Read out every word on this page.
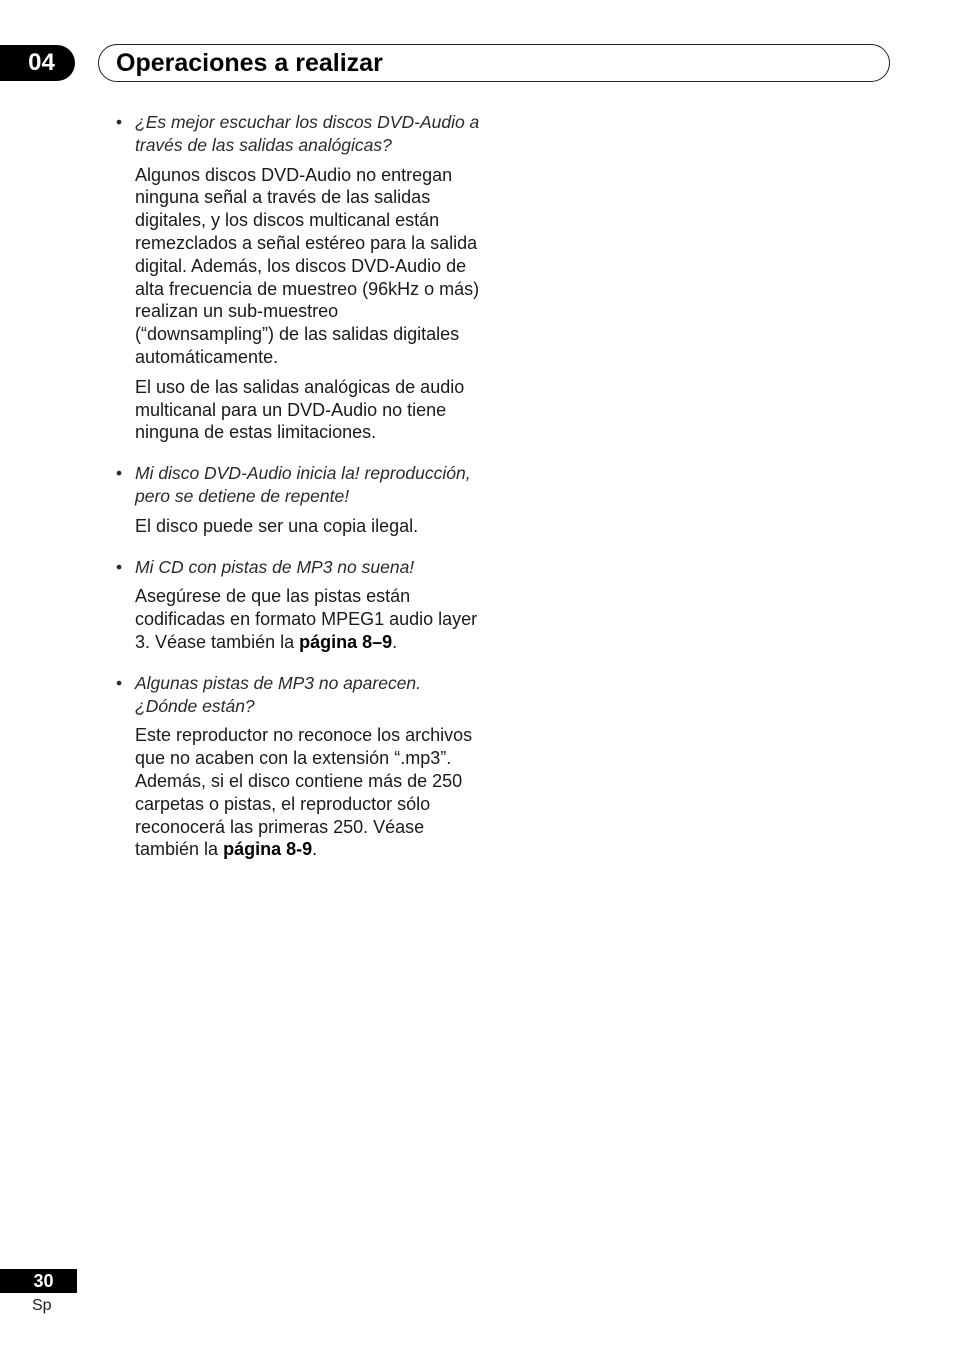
04	Operaciones a realizar

• ¿Es mejor escuchar los discos DVD-Audio a través de las salidas analógicas?

Algunos discos DVD-Audio no entregan ninguna señal a través de las salidas digitales, y los discos multicanal están remezclados a señal estéreo para la salida digital. Además, los discos DVD-Audio de alta frecuencia de muestreo (96kHz o más) realizan un sub-muestreo (“downsampling”) de las salidas digitales automáticamente.

El uso de las salidas analógicas de audio multicanal para un DVD-Audio no tiene ninguna de estas limitaciones.

• Mi disco DVD-Audio inicia la! reproducción, pero se detiene de repente!

El disco puede ser una copia ilegal.

• Mi CD con pistas de MP3 no suena!

Asegúrese de que las pistas están codificadas en formato MPEG1 audio layer 3. Véase también la página 8–9.

• Algunas pistas de MP3 no aparecen. ¿Dónde están?

Este reproductor no reconoce los archivos que no acaben con la extensión “.mp3”. Además, si el disco contiene más de 250 carpetas o pistas, el reproductor sólo reconocerá las primeras 250. Véase también la página 8-9.

30
Sp
